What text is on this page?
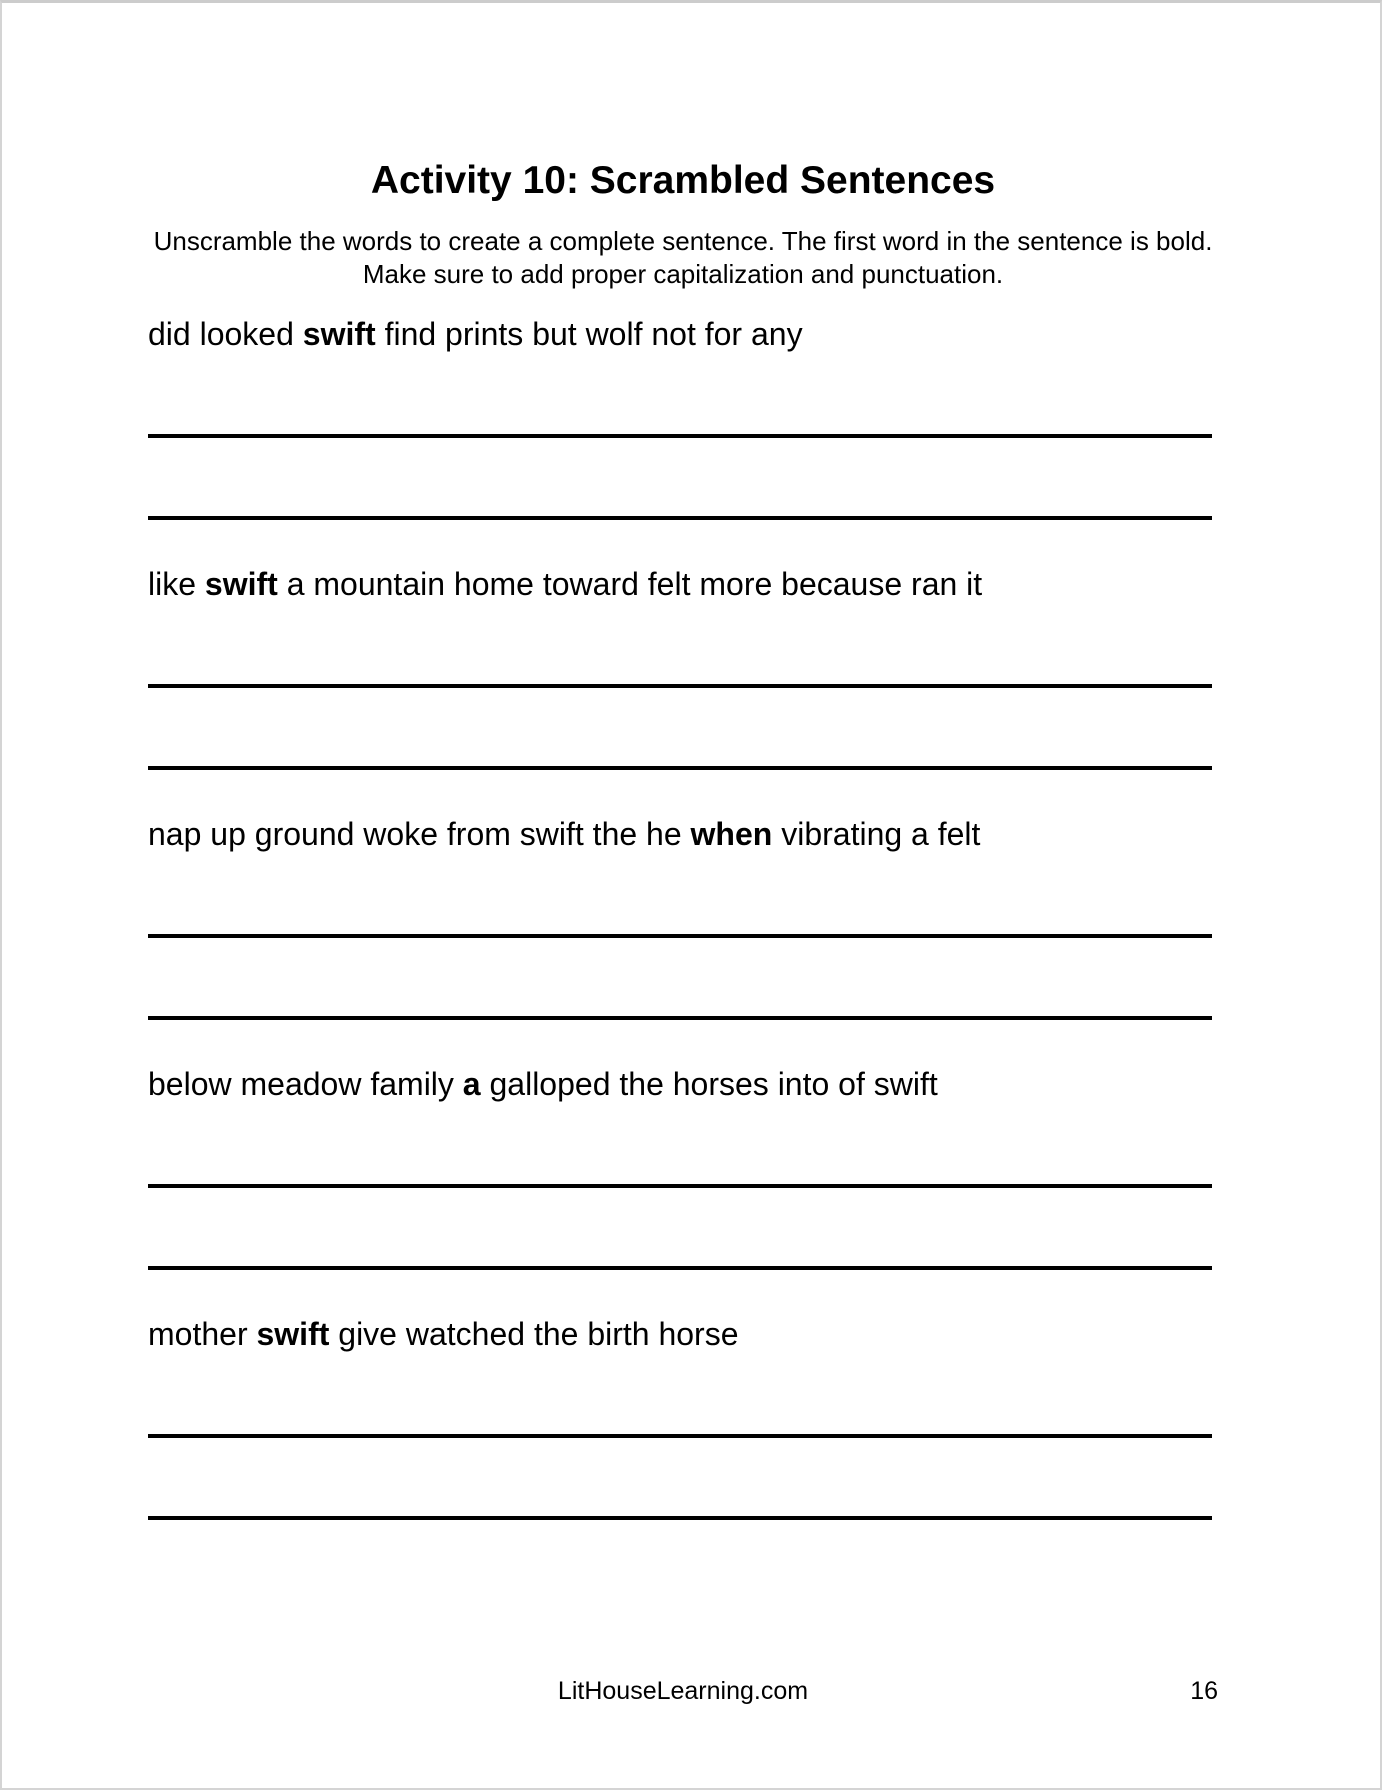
Activity 10: Scrambled Sentences
Unscramble the words to create a complete sentence. The first word in the sentence is bold. Make sure to add proper capitalization and punctuation.
did looked swift find prints but wolf not for any
like swift a mountain home toward felt more because ran it
nap up ground woke from swift the he when vibrating a felt
below meadow family a galloped the horses into of swift
mother swift give watched the birth horse
LitHouseLearning.com	16
